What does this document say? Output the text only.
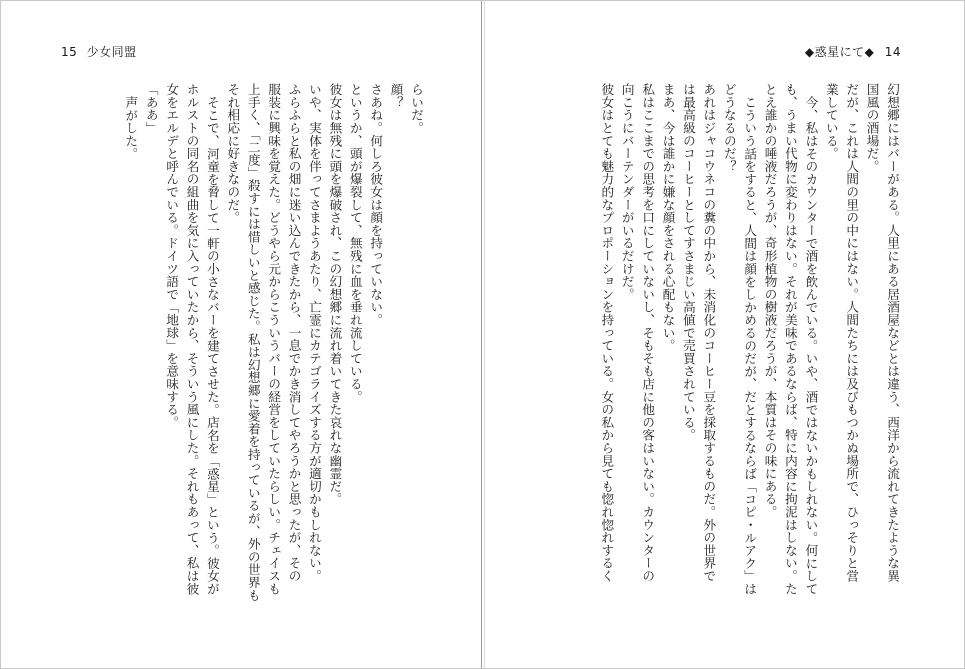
15 少女同盟	◆惑星にて◆ 14

幻想郷にはバーがある。人里にある居酒屋などとは違う、西洋から流れてきたような異

国風の酒場だ。

だが、これは人間の里の中にはない。人間たちには及びもつかぬ場所で、ひっそりと営

業している。

今、私はそのカウンターで酒を飲んでいる。いや、酒ではないかもしれない。何にして

も、うまい代物に変わりはない。それが美味であるならば、特に内容に拘泥はしない。た

とえ誰かの唾液だろうが、奇形植物の樹液だろうが、本質はその味にある。

こういう話をすると、人間は顔をしかめるのだが、だとするならば「コピ・ルアク」は

どうなるのだ？

あれはジャコウネコの糞の中から、未消化のコーヒー豆を採取するものだ。外の世界で

は最高級のコーヒーとしてすさまじい高値で売買されている。

まあ、今は誰かに嫌な顔をされる心配もない。

私はここまでの思考を口にしていないし、そもそも店に他の客はいない。カウンターの

向こうにバーテンダーがいるだけだ。

彼女はとても魅力的なプロポーションを持っている。女の私から見ても惚れ惚れするく

らいだ。

顔？

さあね。何しろ彼女は顔を持っていない。

というか、頭が爆裂して、無残に血を垂れ流している。

彼女は無残に頭を爆破され、この幻想郷に流れ着いてきた哀れな幽霊だ。

いや、実体を伴ってさまようあたり、亡霊にカテゴライズする方が適切かもしれない。

ふらふらと私の畑に迷い込んできたから、一息でかき消してやろうかと思ったが、その

服装に興味を覚えた。どうやら元からこういうバーの経営をしていたらしい。チェイスも

上手く、「二度」殺すには惜しいと感じた。私は幻想郷に愛着を持っているが、外の世界も

それ相応に好きなのだ。

そこで、河童を脅して一軒の小さなバーを建てさせた。店名を「惑星」という。彼女が

ホルストの同名の組曲を気に入っていたから、そういう風にした。それもあって、私は彼

女をエルデと呼んでいる。ドイツ語で「地球」を意味する。

「ああ」

声がした。
